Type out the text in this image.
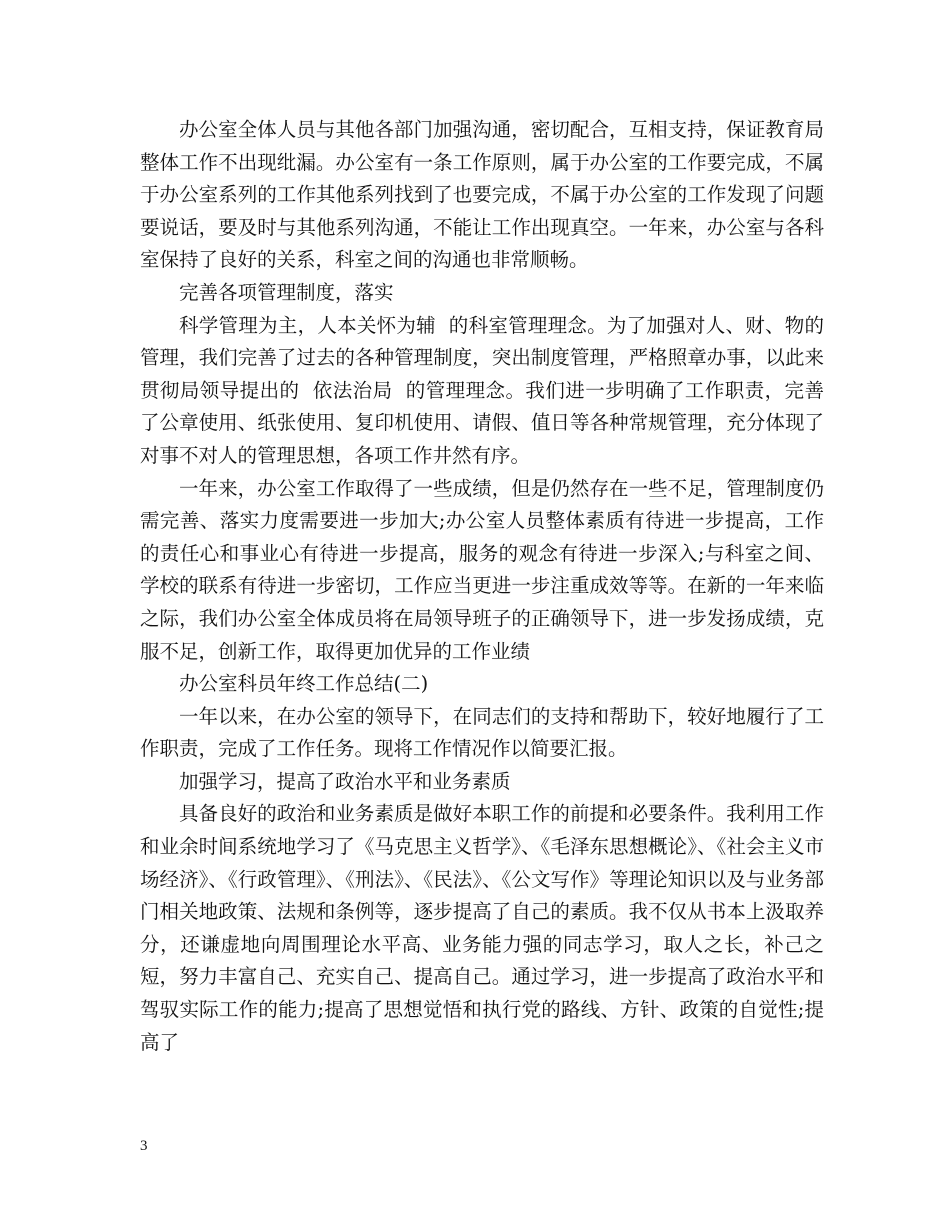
办公室全体人员与其他各部门加强沟通，密切配合，互相支持，保证教育局整体工作不出现纰漏。办公室有一条工作原则，属于办公室的工作要完成，不属于办公室系列的工作其他系列找到了也要完成，不属于办公室的工作发现了问题要说话，要及时与其他系列沟通，不能让工作出现真空。一年来，办公室与各科室保持了良好的关系，科室之间的沟通也非常顺畅。

完善各项管理制度，落实

科学管理为主，人本关怀为辅  的科室管理理念。为了加强对人、财、物的管理，我们完善了过去的各种管理制度，突出制度管理，严格照章办事，以此来贯彻局领导提出的  依法治局  的管理理念。我们进一步明确了工作职责，完善了公章使用、纸张使用、复印机使用、请假、值日等各种常规管理，充分体现了对事不对人的管理思想，各项工作井然有序。

一年来，办公室工作取得了一些成绩，但是仍然存在一些不足，管理制度仍需完善、落实力度需要进一步加大;办公室人员整体素质有待进一步提高，工作的责任心和事业心有待进一步提高，服务的观念有待进一步深入;与科室之间、学校的联系有待进一步密切，工作应当更进一步注重成效等等。在新的一年来临之际，我们办公室全体成员将在局领导班子的正确领导下，进一步发扬成绩，克服不足，创新工作，取得更加优异的工作业绩

办公室科员年终工作总结(二)

一年以来，在办公室的领导下，在同志们的支持和帮助下，较好地履行了工作职责，完成了工作任务。现将工作情况作以简要汇报。

加强学习，提高了政治水平和业务素质

具备良好的政治和业务素质是做好本职工作的前提和必要条件。我利用工作和业余时间系统地学习了《马克思主义哲学》、《毛泽东思想概论》、《社会主义市场经济》、《行政管理》、《刑法》、《民法》、《公文写作》等理论知识以及与业务部门相关地政策、法规和条例等，逐步提高了自己的素质。我不仅从书本上汲取养分，还谦虚地向周围理论水平高、业务能力强的同志学习，取人之长，补己之短，努力丰富自己、充实自己、提高自己。通过学习，进一步提高了政治水平和驾驭实际工作的能力;提高了思想觉悟和执行党的路线、方针、政策的自觉性;提高了

3
